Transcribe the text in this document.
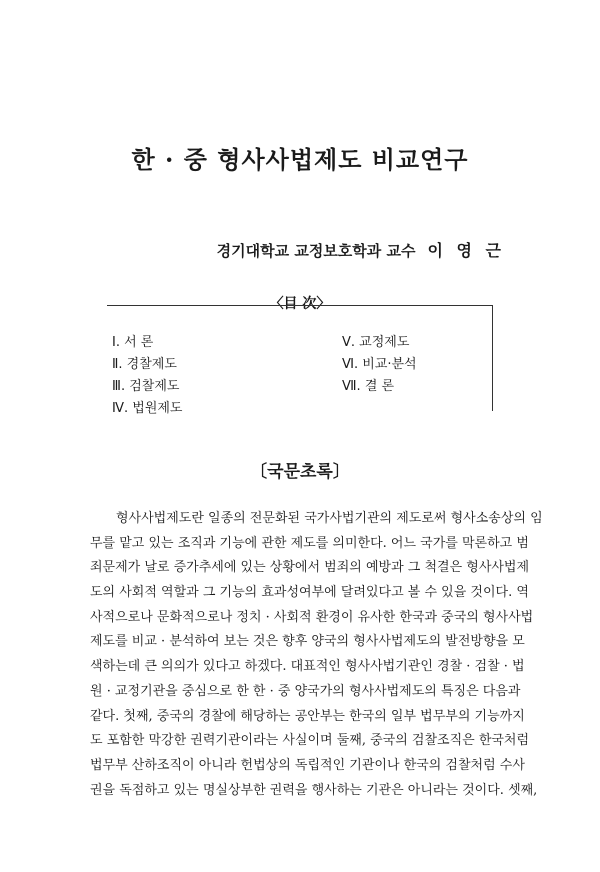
한 · 중 형사사법제도 비교연구
경기대학교 교정보호학과 교수 이 영 근
〈目 次〉
Ⅰ. 서 론
Ⅱ. 경찰제도
Ⅲ. 검찰제도
Ⅳ. 법원제도
Ⅴ. 교정제도
Ⅵ. 비교·분석
Ⅶ. 결 론
〔국문초록〕
형사사법제도란 일종의 전문화된 국가사법기관의 제도로써 형사소송상의 임
무를 맡고 있는 조직과 기능에 관한 제도를 의미한다. 어느 국가를 막론하고 범
죄문제가 날로 증가추세에 있는 상황에서 범죄의 예방과 그 척결은 형사사법제
도의 사회적 역할과 그 기능의 효과성여부에 달려있다고 볼 수 있을 것이다. 역
사적으로나 문화적으로나 정치 · 사회적 환경이 유사한 한국과 중국의 형사사법
제도를 비교 · 분석하여 보는 것은 향후 양국의 형사사법제도의 발전방향을 모
색하는데 큰 의의가 있다고 하겠다. 대표적인 형사사법기관인 경찰 · 검찰 · 법
원 · 교정기관을 중심으로 한 한 · 중 양국가의 형사사법제도의 특징은 다음과
같다. 첫째, 중국의 경찰에 해당하는 공안부는 한국의 일부 법무부의 기능까지
도 포함한 막강한 권력기관이라는 사실이며 둘째, 중국의 검찰조직은 한국처럼
법무부 산하조직이 아니라 헌법상의 독립적인 기관이나 한국의 검찰처럼 수사
권을 독점하고 있는 명실상부한 권력을 행사하는 기관은 아니라는 것이다. 셋째,
